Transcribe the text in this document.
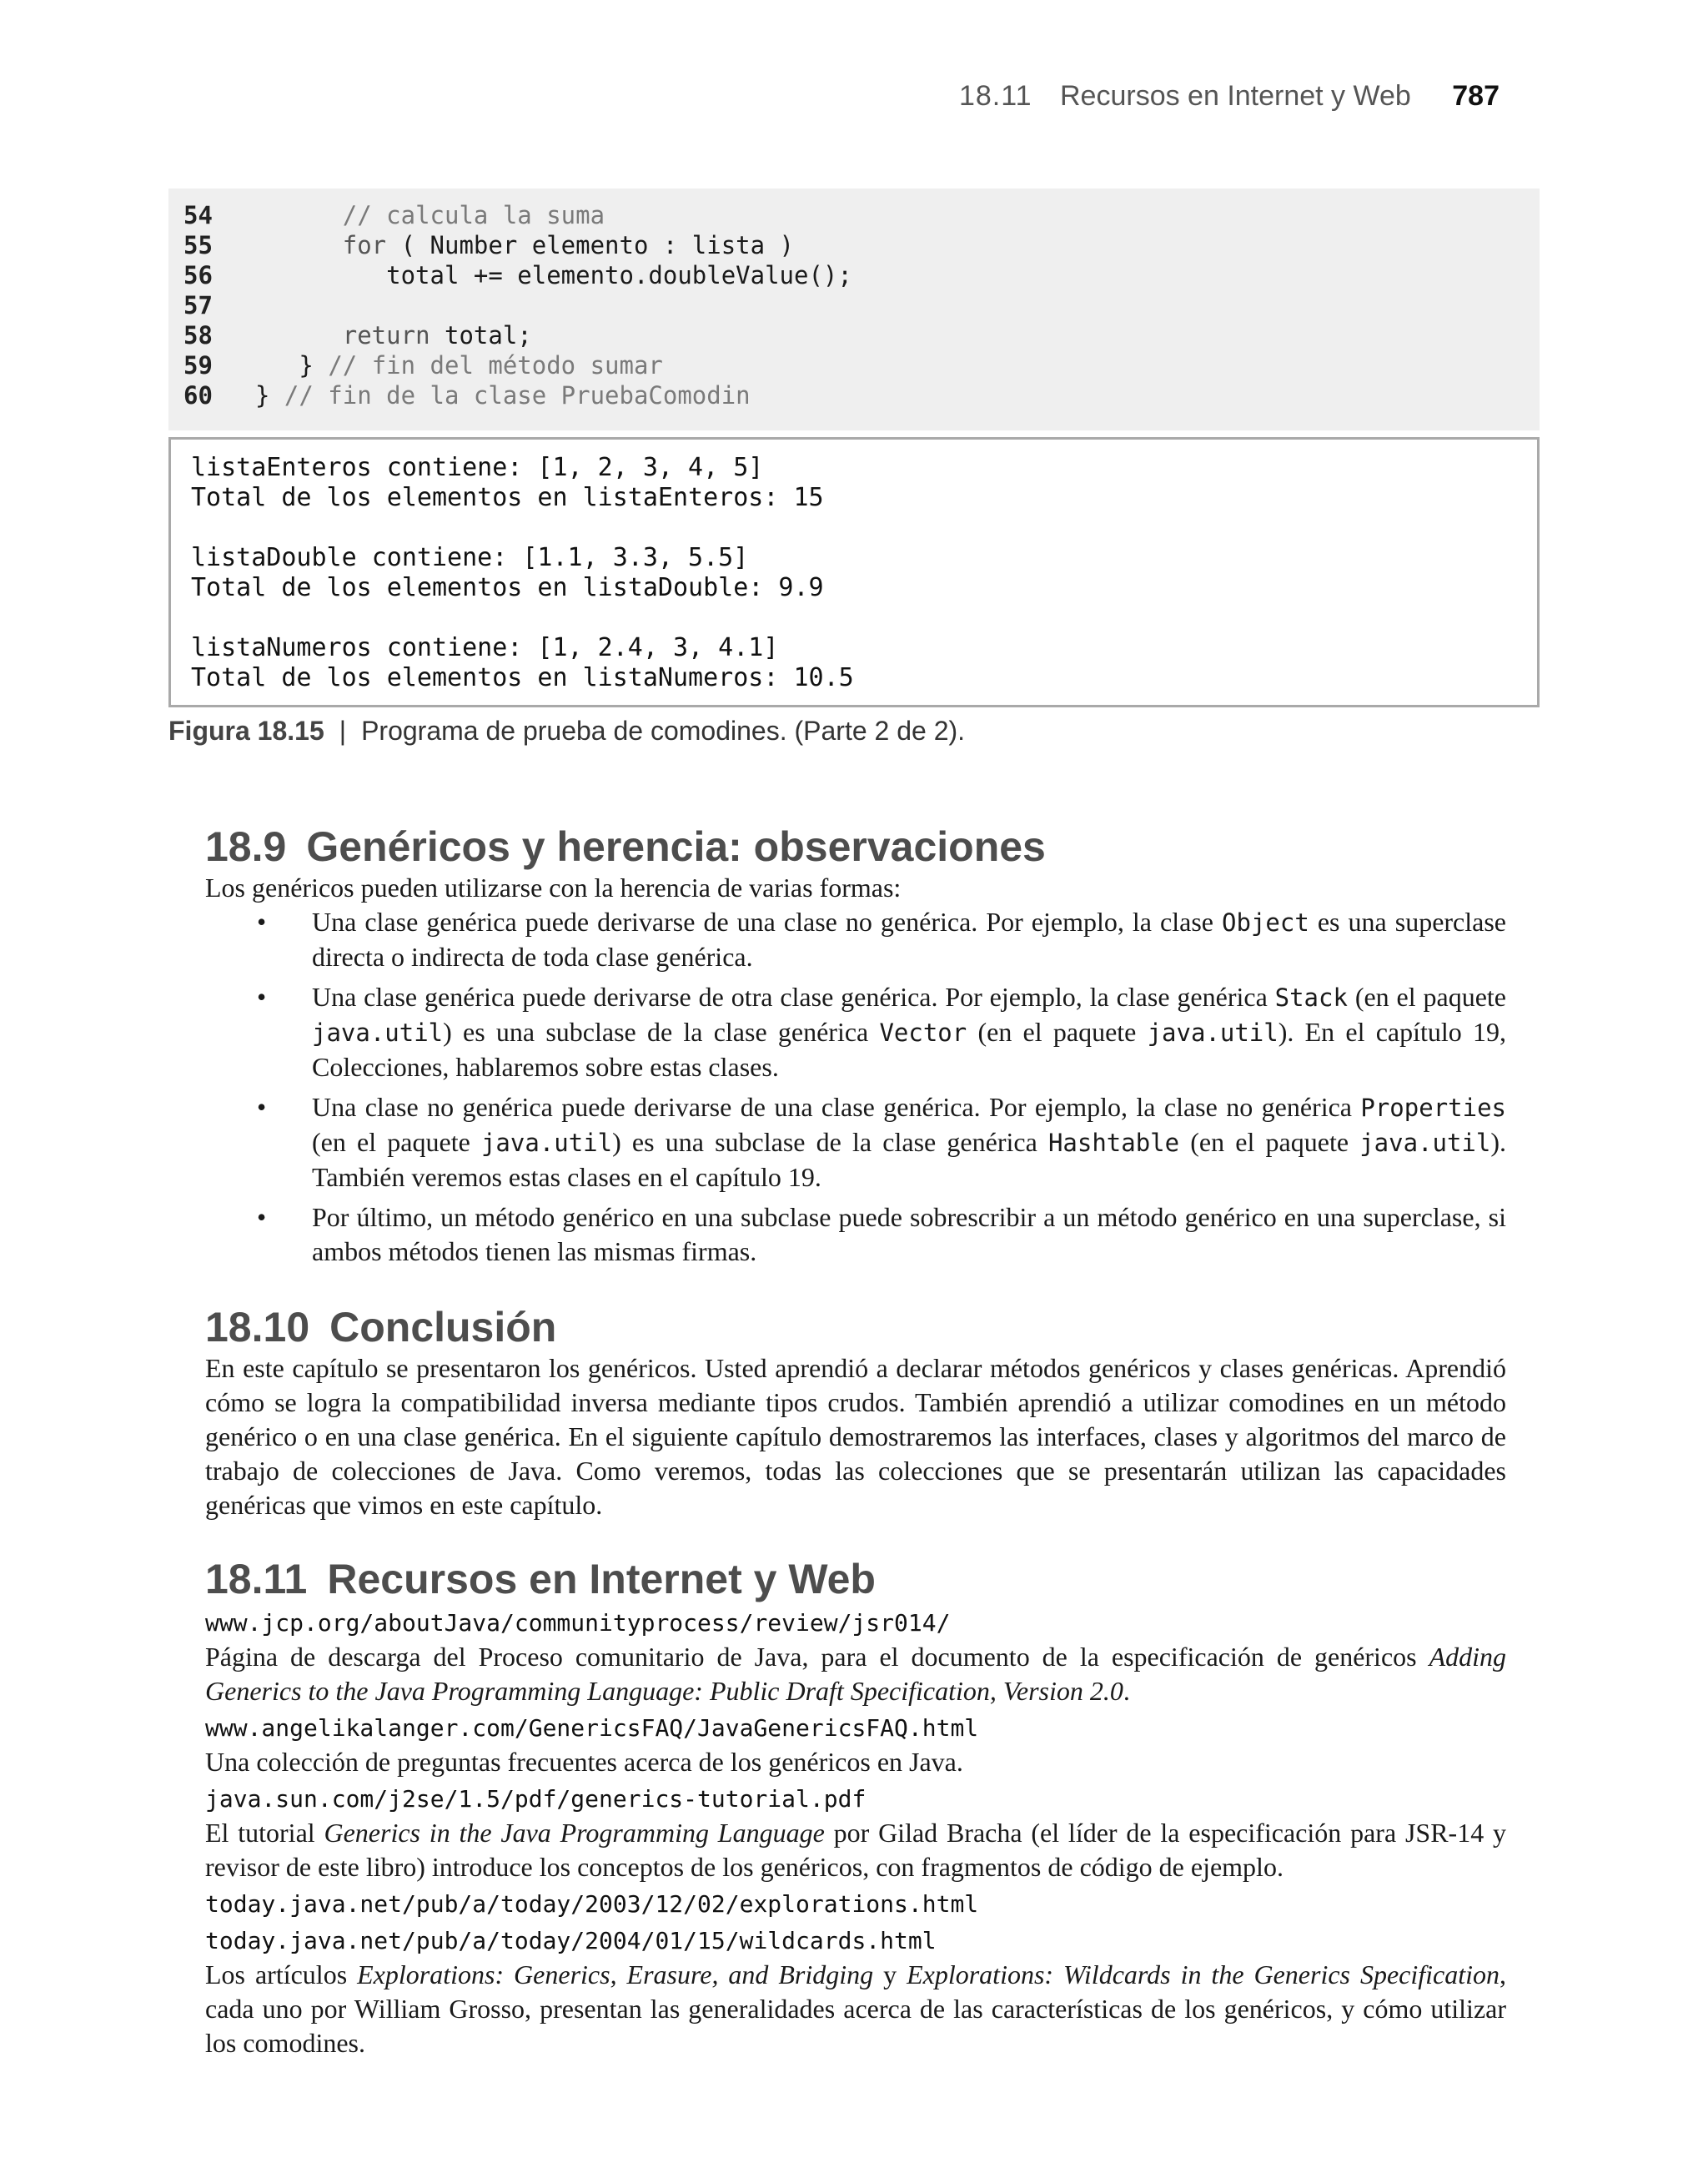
18.11 Recursos en Internet y Web 787
54	// calcula la suma
55	for ( Number elemento : lista )
56	total += elemento.doubleValue();
57
58	return total;
59	} // fin del método sumar
60 } // fin de la clase PruebaComodin
listaEnteros contiene: [1, 2, 3, 4, 5]
Total de los elementos en listaEnteros: 15
listaDouble contiene: [1.1, 3.3, 5.5]
Total de los elementos en listaDouble: 9.9
listaNumeros contiene: [1, 2.4, 3, 4.1]
Total de los elementos en listaNumeros: 10.5
Figura 18.15 | Programa de prueba de comodines. (Parte 2 de 2).
18.9 Genéricos y herencia: observaciones

Los genéricos pueden utilizarse con la herencia de varias formas:

• Una clase genérica puede derivarse de una clase no genérica. Por ejemplo, la clase Object es una superclase directa o indirecta de toda clase genérica.
• Una clase genérica puede derivarse de otra clase genérica. Por ejemplo, la clase genérica Stack (en el paquete java.util) es una subclase de la clase genérica Vector (en el paquete java.util). En el capítulo 19, Colecciones, hablaremos sobre estas clases.
• Una clase no genérica puede derivarse de una clase genérica. Por ejemplo, la clase no genérica Properties (en el paquete java.util) es una subclase de la clase genérica Hashtable (en el paquete java.util). También veremos estas clases en el capítulo 19.
• Por último, un método genérico en una subclase puede sobrescribir a un método genérico en una superclase, si ambos métodos tienen las mismas firmas.
18.10 Conclusión

En este capítulo se presentaron los genéricos. Usted aprendió a declarar métodos genéricos y clases genéricas. Aprendió cómo se logra la compatibilidad inversa mediante tipos crudos. También aprendió a utilizar comodines en un método genérico o en una clase genérica. En el siguiente capítulo demostraremos las interfaces, clases y algoritmos del marco de trabajo de colecciones de Java. Como veremos, todas las colecciones que se presentarán utilizan las capacidades genéricas que vimos en este capítulo.

18.11 Recursos en Internet y Web
www.jcp.org/aboutJava/communityprocess/review/jsr014/

Página de descarga del Proceso comunitario de Java, para el documento de la especificación de genéricos Adding Generics to the Java Programming Language: Public Draft Specification, Version 2.0.

www.angelikalanger.com/GenericsFAQ/JavaGenericsFAQ.html

Una colección de preguntas frecuentes acerca de los genéricos en Java.

java.sun.com/j2se/1.5/pdf/generics-tutorial.pdf

El tutorial Generics in the Java Programming Language por Gilad Bracha (el líder de la especificación para JSR-14 y revisor de este libro) introduce los conceptos de los genéricos, con fragmentos de código de ejemplo.

today.java.net/pub/a/today/2003/12/02/explorations.html
today.java.net/pub/a/today/2004/01/15/wildcards.html

Los artículos Explorations: Generics, Erasure, and Bridging y Explorations: Wildcards in the Generics Specification, cada uno por William Grosso, presentan las generalidades acerca de las características de los genéricos, y cómo utilizar los comodines.
